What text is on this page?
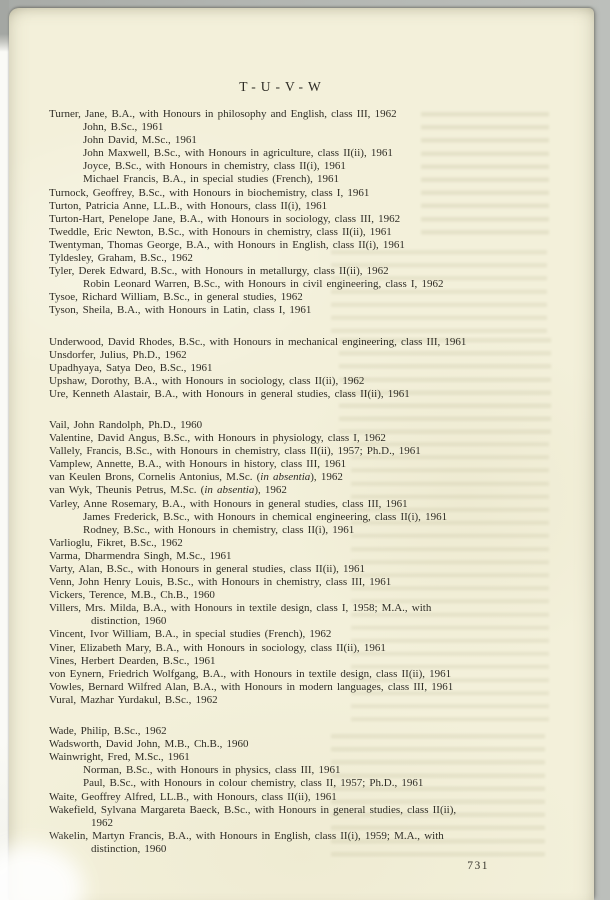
T-U-V-W

Turner, Jane, B.A., with Honours in philosophy and English, class III, 1962

John, B.Sc., 1961

John David, M.Sc., 1961

John Maxwell, B.Sc., with Honours in agriculture, class II(ii), 1961

Joyce, B.Sc., with Honours in chemistry, class II(i), 1961

Michael Francis, B.A., in special studies (French), 1961

Turnock, Geoffrey, B.Sc., with Honours in biochemistry, class I, 1961

Turton, Patricia Anne, LL.B., with Honours, class II(i), 1961

Turton-Hart, Penelope Jane, B.A., with Honours in sociology, class III, 1962

Tweddle, Eric Newton, B.Sc., with Honours in chemistry, class II(ii), 1961

Twentyman, Thomas George, B.A., with Honours in English, class II(i), 1961

Tyldesley, Graham, B.Sc., 1962

Tyler, Derek Edward, B.Sc., with Honours in metallurgy, class II(ii), 1962

Robin Leonard Warren, B.Sc., with Honours in civil engineering, class I, 1962

Tysoe, Richard William, B.Sc., in general studies, 1962

Tyson, Sheila, B.A., with Honours in Latin, class I, 1961

Underwood, David Rhodes, B.Sc., with Honours in mechanical engineering, class III, 1961

Unsdorfer, Julius, Ph.D., 1962

Upadhyaya, Satya Deo, B.Sc., 1961

Upshaw, Dorothy, B.A., with Honours in sociology, class II(ii), 1962

Ure, Kenneth Alastair, B.A., with Honours in general studies, class II(ii), 1961

Vail, John Randolph, Ph.D., 1960

Valentine, David Angus, B.Sc., with Honours in physiology, class I, 1962

Vallely, Francis, B.Sc., with Honours in chemistry, class II(ii), 1957; Ph.D., 1961

Vamplew, Annette, B.A., with Honours in history, class III, 1961

van Keulen Brons, Cornelis Antonius, M.Sc. (in absentia), 1962

van Wyk, Theunis Petrus, M.Sc. (in absentia), 1962

Varley, Anne Rosemary, B.A., with Honours in general studies, class III, 1961

James Frederick, B.Sc., with Honours in chemical engineering, class II(i), 1961

Rodney, B.Sc., with Honours in chemistry, class II(i), 1961

Varlioglu, Fikret, B.Sc., 1962

Varma, Dharmendra Singh, M.Sc., 1961

Varty, Alan, B.Sc., with Honours in general studies, class II(ii), 1961

Venn, John Henry Louis, B.Sc., with Honours in chemistry, class III, 1961

Vickers, Terence, M.B., Ch.B., 1960

Villers, Mrs. Milda, B.A., with Honours in textile design, class I, 1958; M.A., with

distinction, 1960

Vincent, Ivor William, B.A., in special studies (French), 1962

Viner, Elizabeth Mary, B.A., with Honours in sociology, class II(ii), 1961

Vines, Herbert Dearden, B.Sc., 1961

von Eynern, Friedrich Wolfgang, B.A., with Honours in textile design, class II(ii), 1961

Vowles, Bernard Wilfred Alan, B.A., with Honours in modern languages, class III, 1961

Vural, Mazhar Yurdakul, B.Sc., 1962

Wade, Philip, B.Sc., 1962

Wadsworth, David John, M.B., Ch.B., 1960

Wainwright, Fred, M.Sc., 1961

Norman, B.Sc., with Honours in physics, class III, 1961

Paul, B.Sc., with Honours in colour chemistry, class II, 1957; Ph.D., 1961

Waite, Geoffrey Alfred, LL.B., with Honours, class II(ii), 1961

Wakefield, Sylvana Margareta Baeck, B.Sc., with Honours in general studies, class II(ii),

1962

Wakelin, Martyn Francis, B.A., with Honours in English, class II(i), 1959; M.A., with

distinction, 1960

731
